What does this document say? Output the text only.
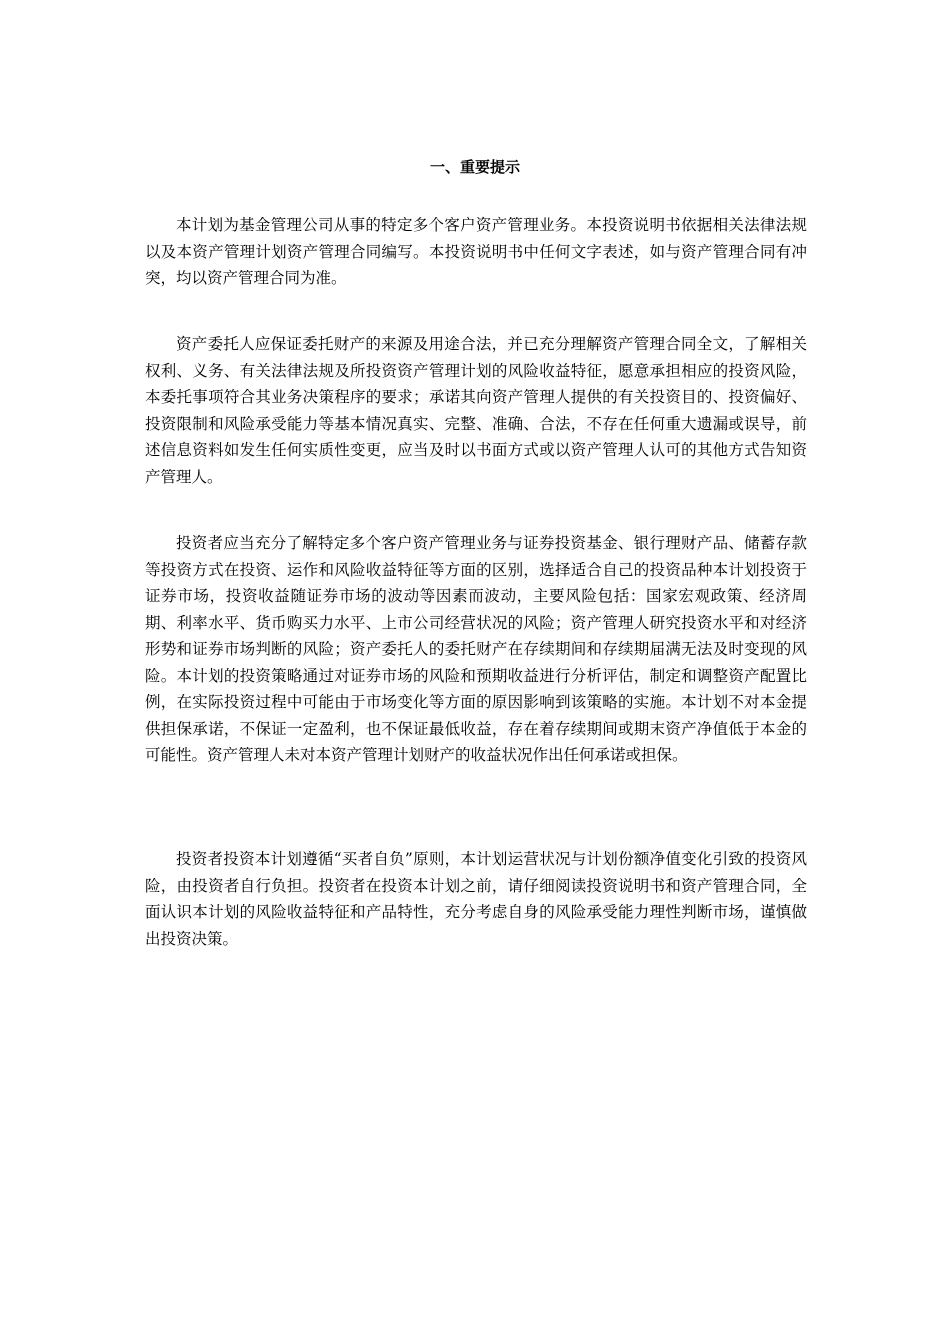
一、重要提示

本计划为基金管理公司从事的特定多个客户资产管理业务。本投资说明书依据相关法律法规以及本资产管理计划资产管理合同编写。本投资说明书中任何文字表述，如与资产管理合同有冲突，均以资产管理合同为准。

资产委托人应保证委托财产的来源及用途合法，并已充分理解资产管理合同全文，了解相关权利、义务、有关法律法规及所投资资产管理计划的风险收益特征，愿意承担相应的投资风险，本委托事项符合其业务决策程序的要求；承诺其向资产管理人提供的有关投资目的、投资偏好、投资限制和风险承受能力等基本情况真实、完整、准确、合法，不存在任何重大遗漏或误导，前述信息资料如发生任何实质性变更，应当及时以书面方式或以资产管理人认可的其他方式告知资产管理人。

投资者应当充分了解特定多个客户资产管理业务与证券投资基金、银行理财产品、储蓄存款等投资方式在投资、运作和风险收益特征等方面的区别，选择适合自己的投资品种本计划投资于证券市场，投资收益随证券市场的波动等因素而波动，主要风险包括：国家宏观政策、经济周期、利率水平、货币购买力水平、上市公司经营状况的风险；资产管理人研究投资水平和对经济形势和证券市场判断的风险；资产委托人的委托财产在存续期间和存续期届满无法及时变现的风险。本计划的投资策略通过对证券市场的风险和预期收益进行分析评估，制定和调整资产配置比例，在实际投资过程中可能由于市场变化等方面的原因影响到该策略的实施。本计划不对本金提供担保承诺，不保证一定盈利，也不保证最低收益，存在着存续期间或期末资产净值低于本金的可能性。资产管理人未对本资产管理计划财产的收益状况作出任何承诺或担保。

投资者投资本计划遵循“买者自负”原则，本计划运营状况与计划份额净值变化引致的投资风险，由投资者自行负担。投资者在投资本计划之前，请仔细阅读投资说明书和资产管理合同，全面认识本计划的风险收益特征和产品特性，充分考虑自身的风险承受能力理性判断市场，谨慎做出投资决策。
